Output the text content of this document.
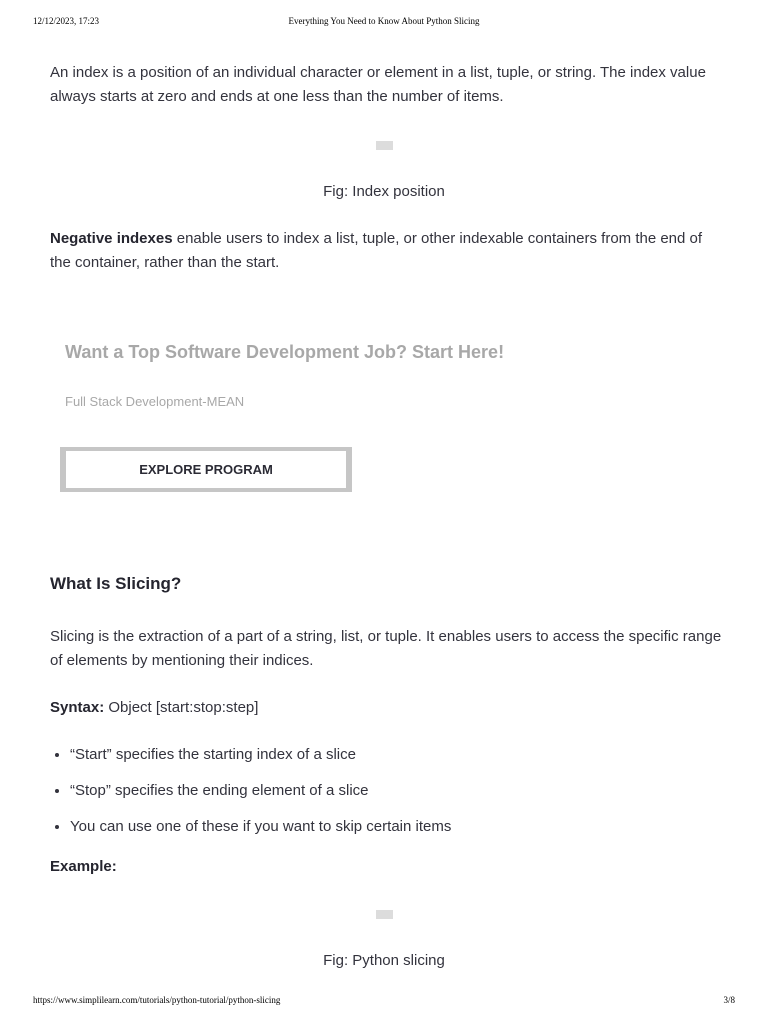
12/12/2023, 17:23	Everything You Need to Know About Python Slicing

An index is a position of an individual character or element in a list, tuple, or string. The index value always starts at zero and ends at one less than the number of items.

Fig: Index position

Negative indexes enable users to index a list, tuple, or other indexable containers from the end of the container, rather than the start.

Want a Top Software Development Job? Start Here!
Full Stack Development-MEAN
EXPLORE PROGRAM
What Is Slicing?

Slicing is the extraction of a part of a string, list, or tuple. It enables users to access the specific range of elements by mentioning their indices.

Syntax: Object [start:stop:step]

• “Start” specifies the starting index of a slice
• “Stop” specifies the ending element of a slice
• You can use one of these if you want to skip certain items

Example:

Fig: Python slicing
https://www.simplilearn.com/tutorials/python-tutorial/python-slicing	3/8
